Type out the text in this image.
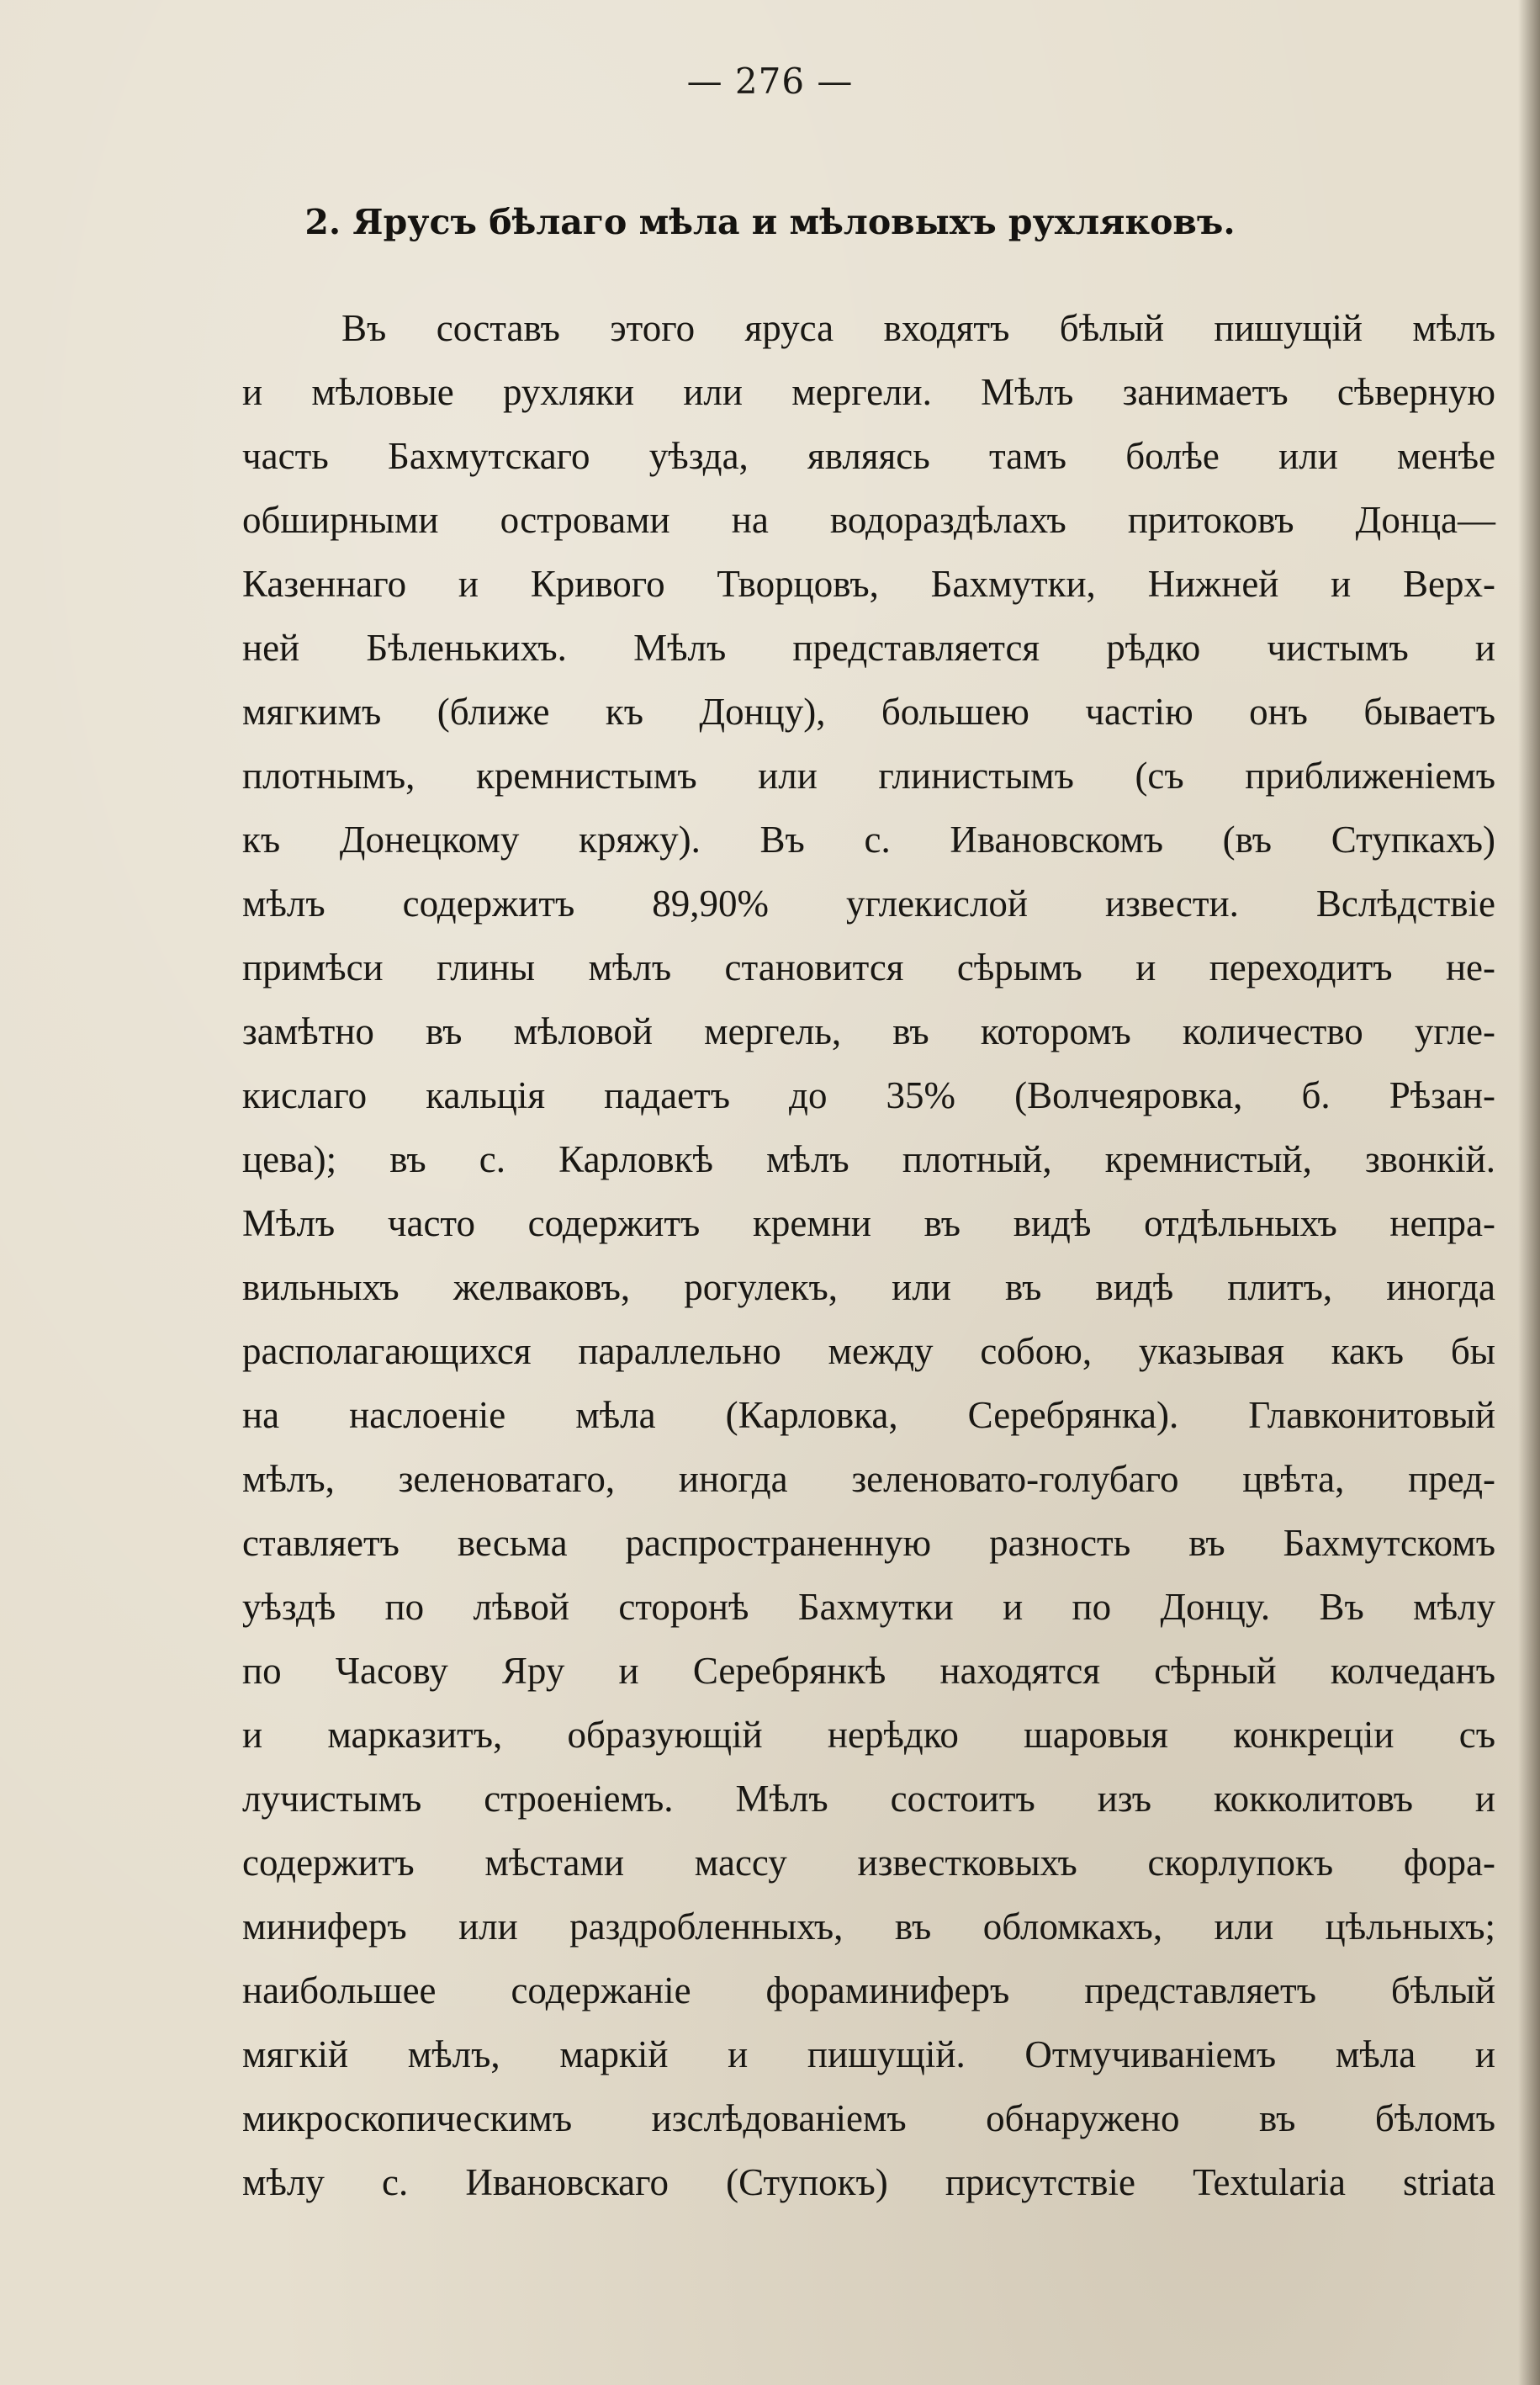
— 276 —
2. Ярусъ бѣлаго мѣла и мѣловыхъ рухляковъ.
Въ составъ этого яруса входятъ бѣлый пишущій мѣлъ
и мѣловые рухляки или мергели. Мѣлъ занимаетъ сѣверную
часть Бахмутскаго уѣзда, являясь тамъ болѣе или менѣе
обширными островами на водораздѣлахъ притоковъ Донца—
Казеннаго и Кривого Творцовъ, Бахмутки, Нижней и Верх-
ней Бѣленькихъ. Мѣлъ представляется рѣдко чистымъ и
мягкимъ (ближе къ Донцу), большею частію онъ бываетъ
плотнымъ, кремнистымъ или глинистымъ (съ приближеніемъ
къ Донецкому кряжу). Въ с. Ивановскомъ (въ Ступкахъ)
мѣлъ содержитъ 89,90% углекислой извести. Вслѣдствіе
примѣси глины мѣлъ становится сѣрымъ и переходитъ не-
замѣтно въ мѣловой мергель, въ которомъ количество угле-
кислаго кальція падаетъ до 35% (Волчеяровка, б. Рѣзан-
цева); въ с. Карловкѣ мѣлъ плотный, кремнистый, звонкій.
Мѣлъ часто содержитъ кремни въ видѣ отдѣльныхъ непра-
вильныхъ желваковъ, рогулекъ, или въ видѣ плитъ, иногда
располагающихся параллельно между собою, указывая какъ бы
на наслоеніе мѣла (Карловка, Серебрянка). Главконитовый
мѣлъ, зеленоватаго, иногда зеленовато-голубаго цвѣта, пред-
ставляетъ весьма распространенную разность въ Бахмутскомъ
уѣздѣ по лѣвой сторонѣ Бахмутки и по Донцу. Въ мѣлу
по Часову Яру и Серебрянкѣ находятся сѣрный колчеданъ
и марказитъ, образующій нерѣдко шаровыя конкреціи съ
лучистымъ строеніемъ. Мѣлъ состоитъ изъ кокколитовъ и
содержитъ мѣстами массу известковыхъ скорлупокъ фора-
миниферъ или раздробленныхъ, въ обломкахъ, или цѣльныхъ;
наибольшее содержаніе фораминиферъ представляетъ бѣлый
мягкій мѣлъ, маркій и пишущій. Отмучиваніемъ мѣла и
микроскопическимъ изслѣдованіемъ обнаружено въ бѣломъ
мѣлу с. Ивановскаго (Ступокъ) присутствіе Textularia striata
